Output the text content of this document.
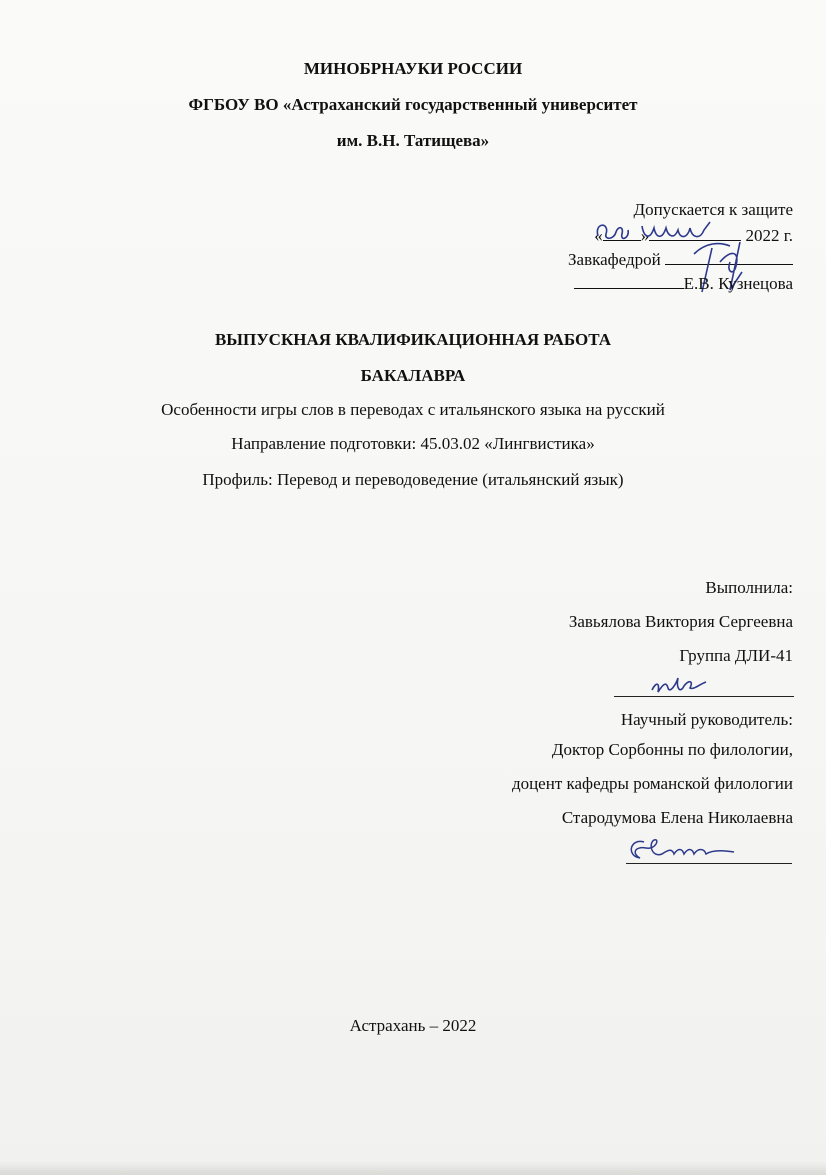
МИНОБРНАУКИ РОССИИ
ФГБОУ ВО «Астраханский государственный университет
им. В.Н. Татищева»
Допускается к защите
« »	2022 г.
Завкафедрой
Е.В. Кузнецова
ВЫПУСКНАЯ КВАЛИФИКАЦИОННАЯ РАБОТА
БАКАЛАВРА
Особенности игры слов в переводах с итальянского языка на русский
Направление подготовки: 45.03.02 «Лингвистика»
Профиль: Перевод и переводоведение (итальянский язык)
Выполнила:
Завьялова Виктория Сергеевна
Группа ДЛИ-41
Научный руководитель:
Доктор Сорбонны по филологии,
доцент кафедры романской филологии
Стародумова Елена Николаевна
Астрахань – 2022
